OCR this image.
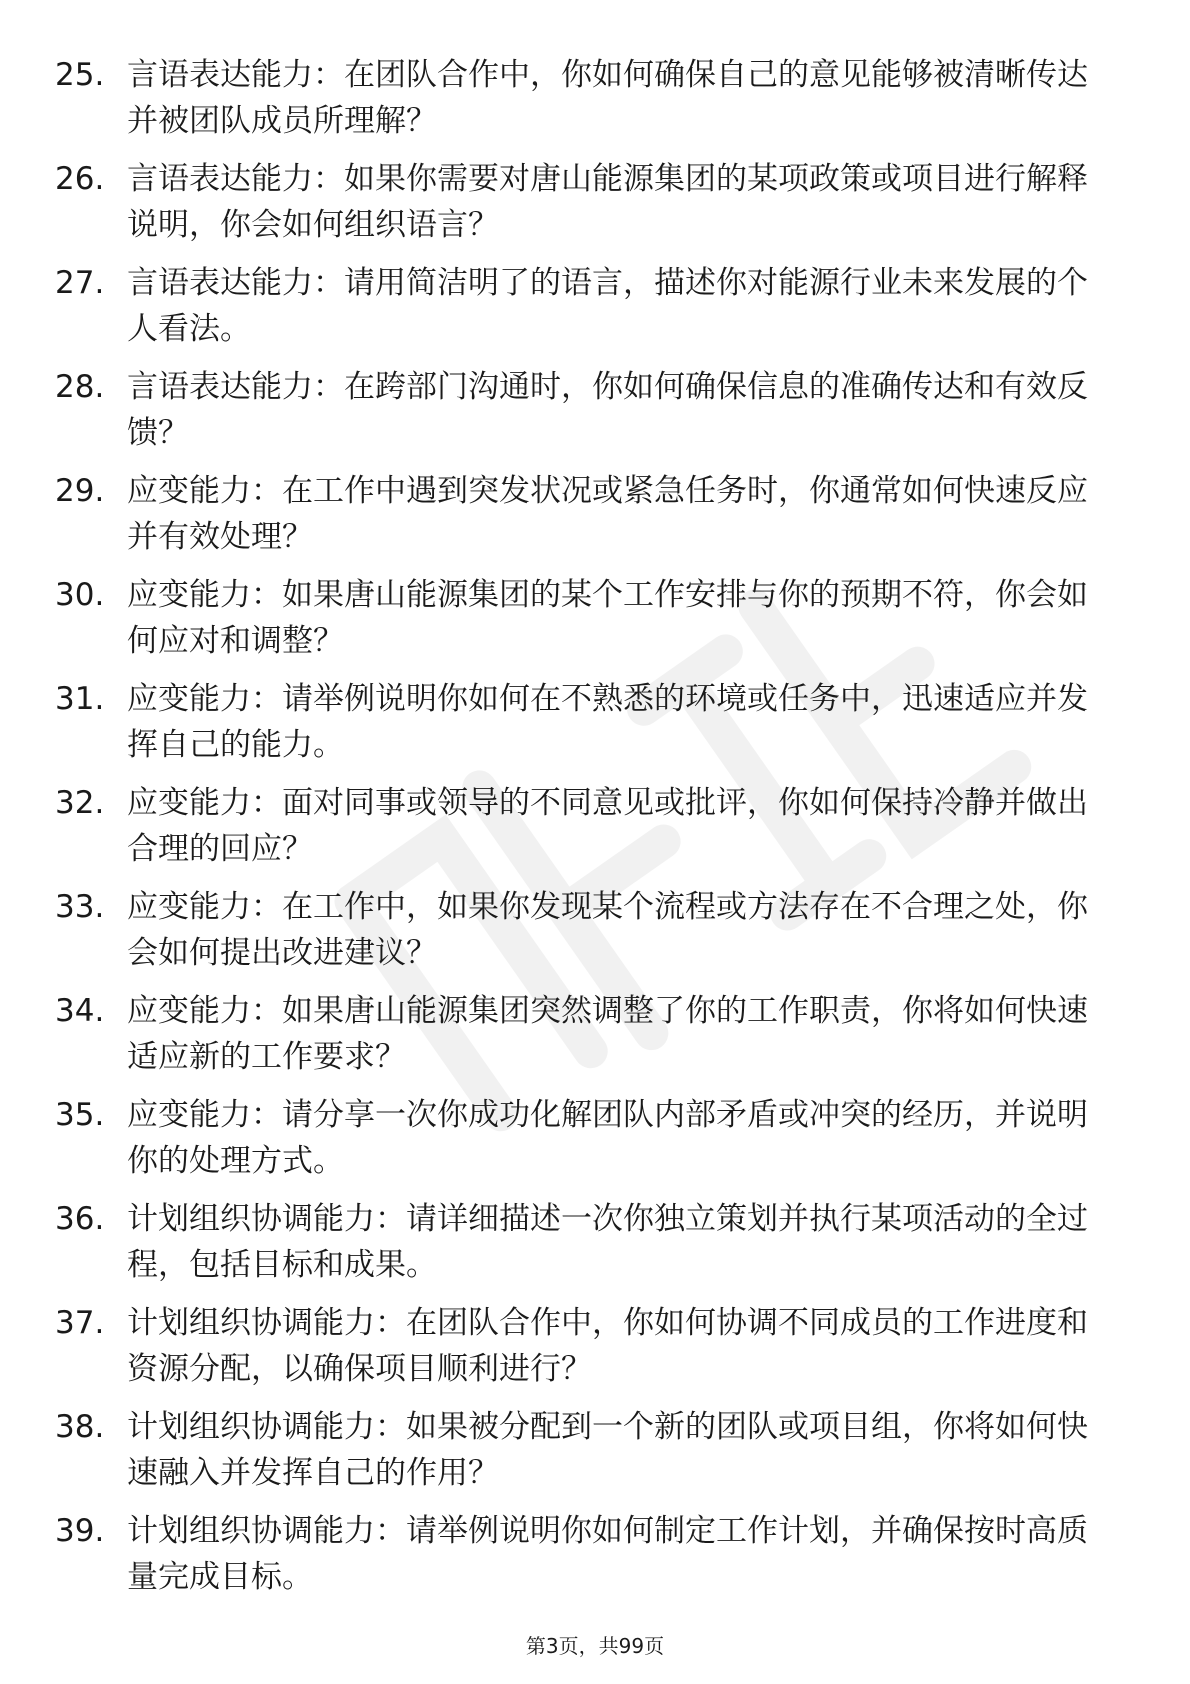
25. 言语表达能力：在团队合作中，你如何确保自己的意见能够被清晰传达并被团队成员所理解？
26. 言语表达能力：如果你需要对唐山能源集团的某项政策或项目进行解释说明，你会如何组织语言？
27. 言语表达能力：请用简洁明了的语言，描述你对能源行业未来发展的个人看法。
28. 言语表达能力：在跨部门沟通时，你如何确保信息的准确传达和有效反馈？
29. 应变能力：在工作中遇到突发状况或紧急任务时，你通常如何快速反应并有效处理？
30. 应变能力：如果唐山能源集团的某个工作安排与你的预期不符，你会如何应对和调整？
31. 应变能力：请举例说明你如何在不熟悉的环境或任务中，迅速适应并发挥自己的能力。
32. 应变能力：面对同事或领导的不同意见或批评，你如何保持冷静并做出合理的回应？
33. 应变能力：在工作中，如果你发现某个流程或方法存在不合理之处，你会如何提出改进建议？
34. 应变能力：如果唐山能源集团突然调整了你的工作职责，你将如何快速适应新的工作要求？
35. 应变能力：请分享一次你成功化解团队内部矛盾或冲突的经历，并说明你的处理方式。
36. 计划组织协调能力：请详细描述一次你独立策划并执行某项活动的全过程，包括目标和成果。
37. 计划组织协调能力：在团队合作中，你如何协调不同成员的工作进度和资源分配，以确保项目顺利进行？
38. 计划组织协调能力：如果被分配到一个新的团队或项目组，你将如何快速融入并发挥自己的作用？
39. 计划组织协调能力：请举例说明你如何制定工作计划，并确保按时高质量完成目标。
第3页，共99页
